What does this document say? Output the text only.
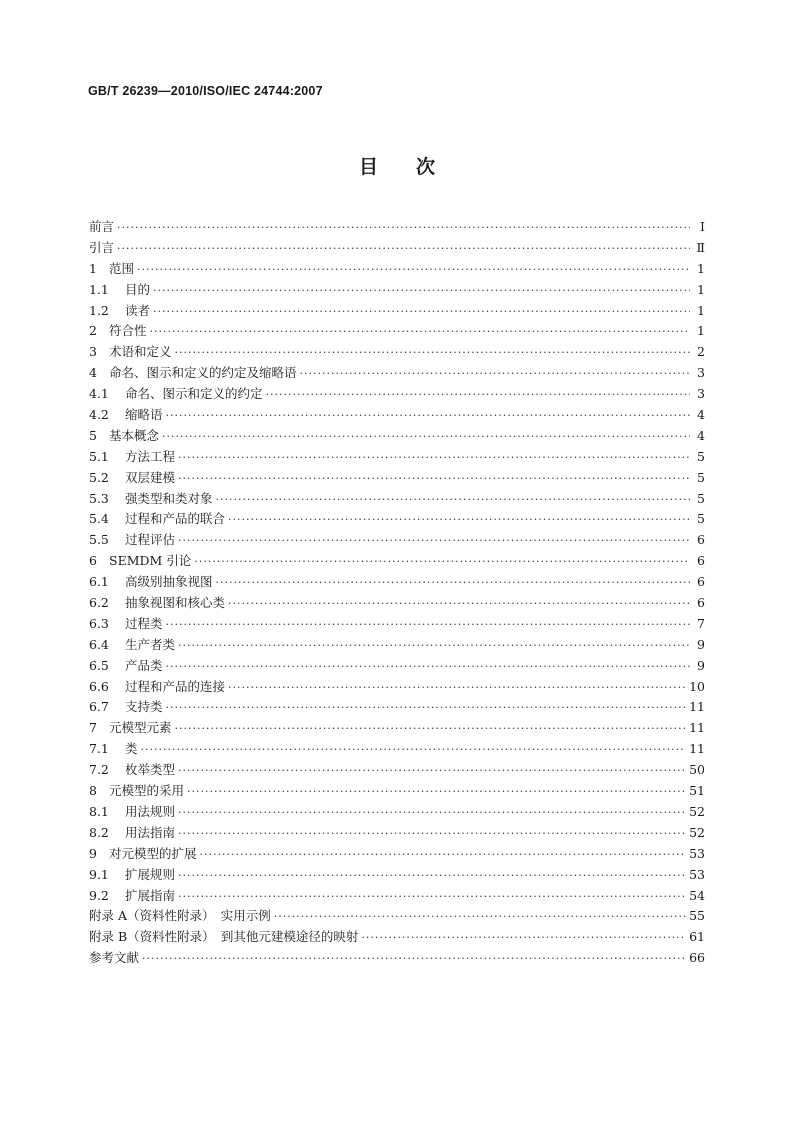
GB/T 26239—2010/ISO/IEC 24744:2007
目次
前言 ·····	Ⅰ
引言 ·····	Ⅱ
1 范围 ·····	1
1.1	目的 ·····	1
1.2	读者 ·····	1
2 符合性 ·····	1
3 术语和定义 ·····	2
4 命名、图示和定义的约定及缩略语 ·····	3
4.1	命名、图示和定义的约定 ·····	3
4.2	缩略语 ·····	4
5 基本概念 ·····	4
5.1	方法工程 ·····	5
5.2	双层建模 ·····	5
5.3	强类型和类对象 ·····	5
5.4	过程和产品的联合 ·····	5
5.5	过程评估 ·····	6
6 SEMDM 引论 ·····	6
6.1	高级别抽象视图 ·····	6
6.2	抽象视图和核心类 ·····	6
6.3	过程类 ·····	7
6.4	生产者类 ·····	9
6.5	产品类 ·····	9
6.6	过程和产品的连接 ·····	10
6.7	支持类 ·····	11
7 元模型元素 ·····	11
7.1	类 ·····	11
7.2	枚举类型 ·····	50
8 元模型的采用 ·····	51
8.1	用法规则 ·····	52
8.2	用法指南 ·····	52
9 对元模型的扩展 ·····	53
9.1	扩展规则 ·····	53
9.2	扩展指南 ·····	54
附录 A（资料性附录）　实用示例 ·····	55
附录 B（资料性附录）　到其他元建模途径的映射 ·····	61
参考文献 ·····	66
